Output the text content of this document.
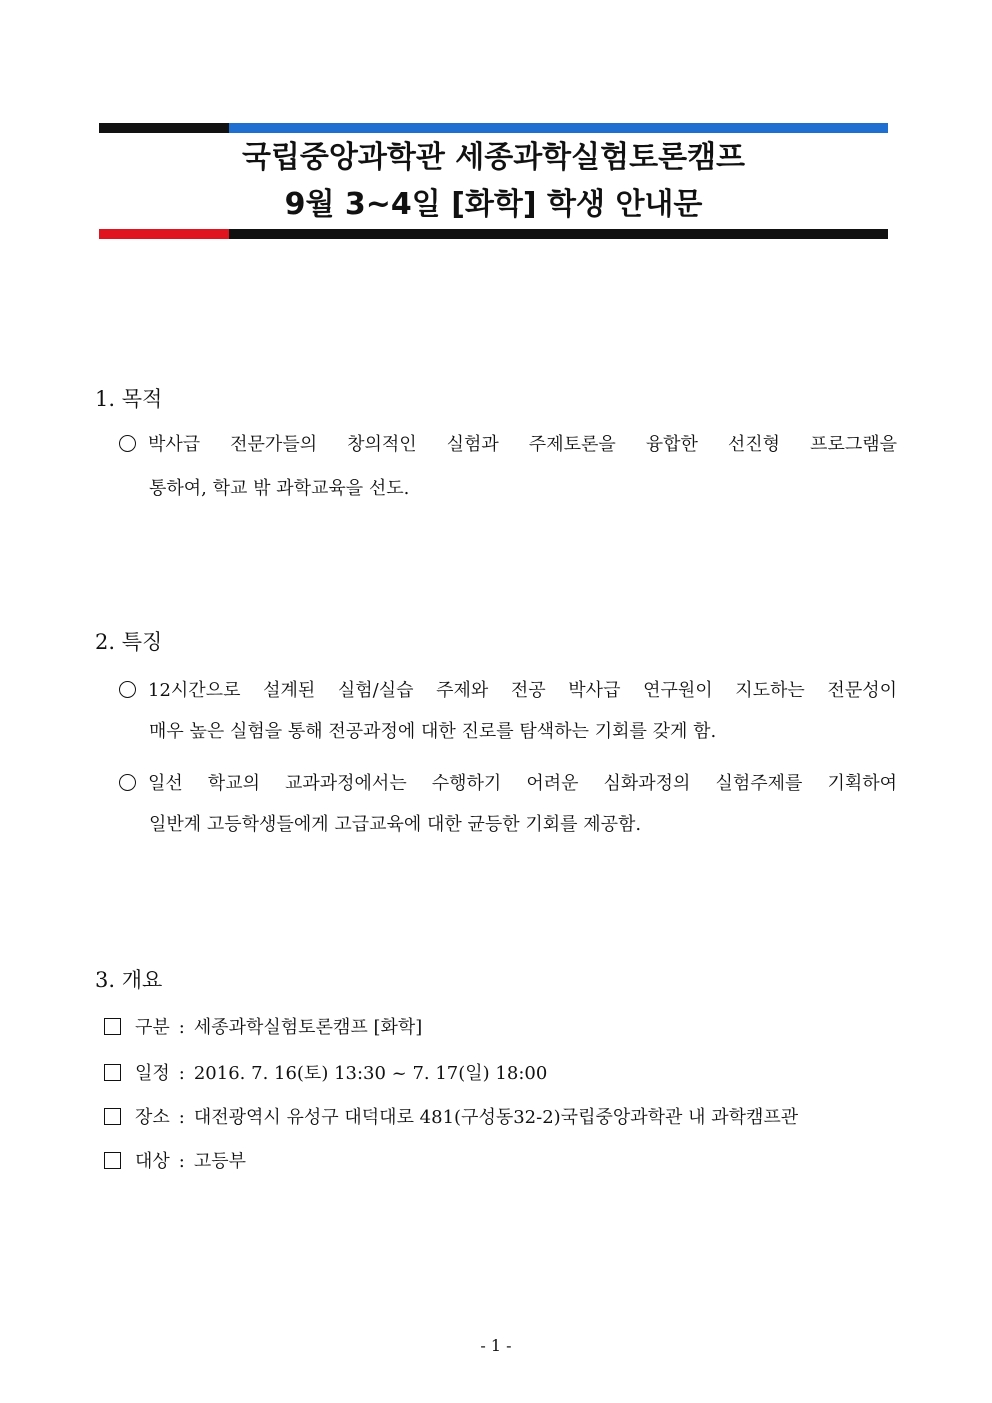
국립중앙과학관 세종과학실험토론캠프
9월 3~4일 [화학] 학생 안내문
1. 목적
박사급 전문가들의 창의적인 실험과 주제토론을 융합한 선진형 프로그램을
통하여, 학교 밖 과학교육을 선도.
2. 특징
12시간으로 설계된 실험/실습 주제와 전공 박사급 연구원이 지도하는 전문성이
매우 높은 실험을 통해 전공과정에 대한 진로를 탐색하는 기회를 갖게 함.
일선 학교의 교과과정에서는 수행하기 어려운 심화과정의 실험주제를 기획하여
일반계 고등학생들에게 고급교육에 대한 균등한 기회를 제공함.
3. 개요
구분 : 세종과학실험토론캠프 [화학]
일정 : 2016. 7. 16(토) 13:30 ~ 7. 17(일) 18:00
장소 : 대전광역시 유성구 대덕대로 481(구성동32-2)국립중앙과학관 내 과학캠프관
대상 : 고등부
- 1 -
